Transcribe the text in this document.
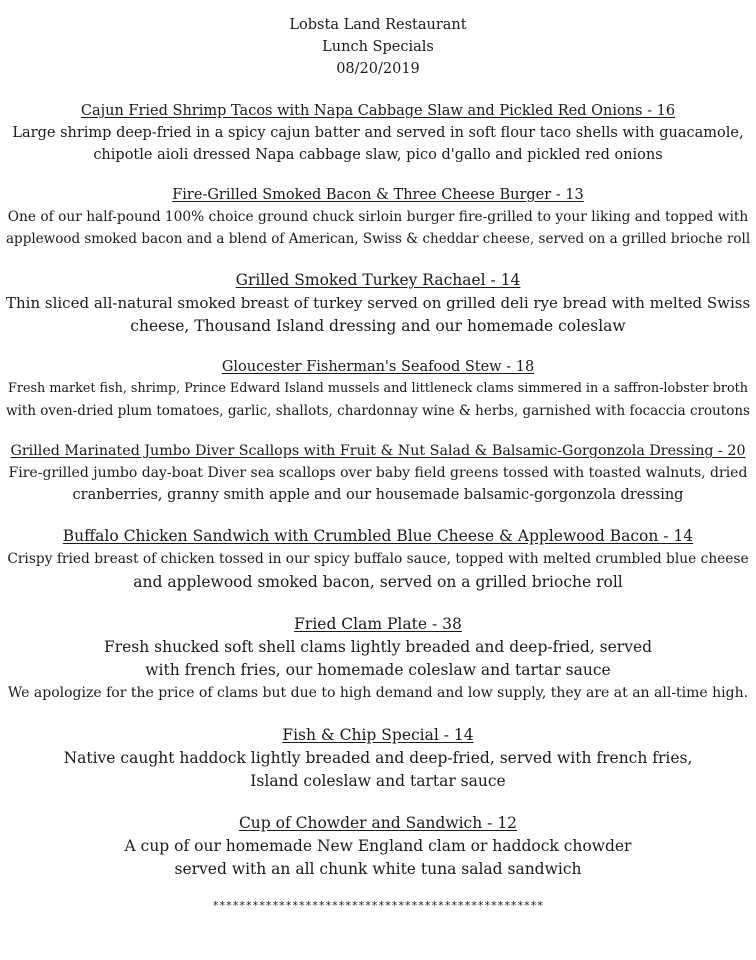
Lobsta Land Restaurant
Lunch Specials
08/20/2019
Cajun Fried Shrimp Tacos with Napa Cabbage Slaw and Pickled Red Onions - 16
Large shrimp deep-fried in a spicy cajun batter and served in soft flour taco shells with guacamole,
chipotle aioli dressed Napa cabbage slaw, pico d'gallo and pickled red onions
Fire-Grilled Smoked Bacon & Three Cheese Burger - 13
One of our half-pound 100% choice ground chuck sirloin burger fire-grilled to your liking and topped with
applewood smoked bacon and a blend of American, Swiss & cheddar cheese, served on a grilled brioche roll
Grilled Smoked Turkey Rachael - 14
Thin sliced all-natural smoked breast of turkey served on grilled deli rye bread with melted Swiss
cheese, Thousand Island dressing and our homemade coleslaw
Gloucester Fisherman's Seafood Stew - 18
Fresh market fish, shrimp, Prince Edward Island mussels and littleneck clams simmered in a saffron-lobster broth
with oven-dried plum tomatoes, garlic, shallots, chardonnay wine & herbs, garnished with focaccia croutons
Grilled Marinated Jumbo Diver Scallops with Fruit & Nut Salad & Balsamic-Gorgonzola Dressing - 20
Fire-grilled jumbo day-boat Diver sea scallops over baby field greens tossed with toasted walnuts, dried
cranberries, granny smith apple and our housemade balsamic-gorgonzola dressing
Buffalo Chicken Sandwich with Crumbled Blue Cheese & Applewood Bacon - 14
Crispy fried breast of chicken tossed in our spicy buffalo sauce, topped with melted crumbled blue cheese
and applewood smoked bacon, served on a grilled brioche roll
Fried Clam Plate - 38
Fresh shucked soft shell clams lightly breaded and deep-fried, served
with french fries, our homemade coleslaw and tartar sauce
We apologize for the price of clams but due to high demand and low supply, they are at an all-time high.
Fish & Chip Special - 14
Native caught haddock lightly breaded and deep-fried, served with french fries,
Island coleslaw and tartar sauce
Cup of Chowder and Sandwich - 12
A cup of our homemade New England clam or haddock chowder
served with an all chunk white tuna salad sandwich
**************************************************
